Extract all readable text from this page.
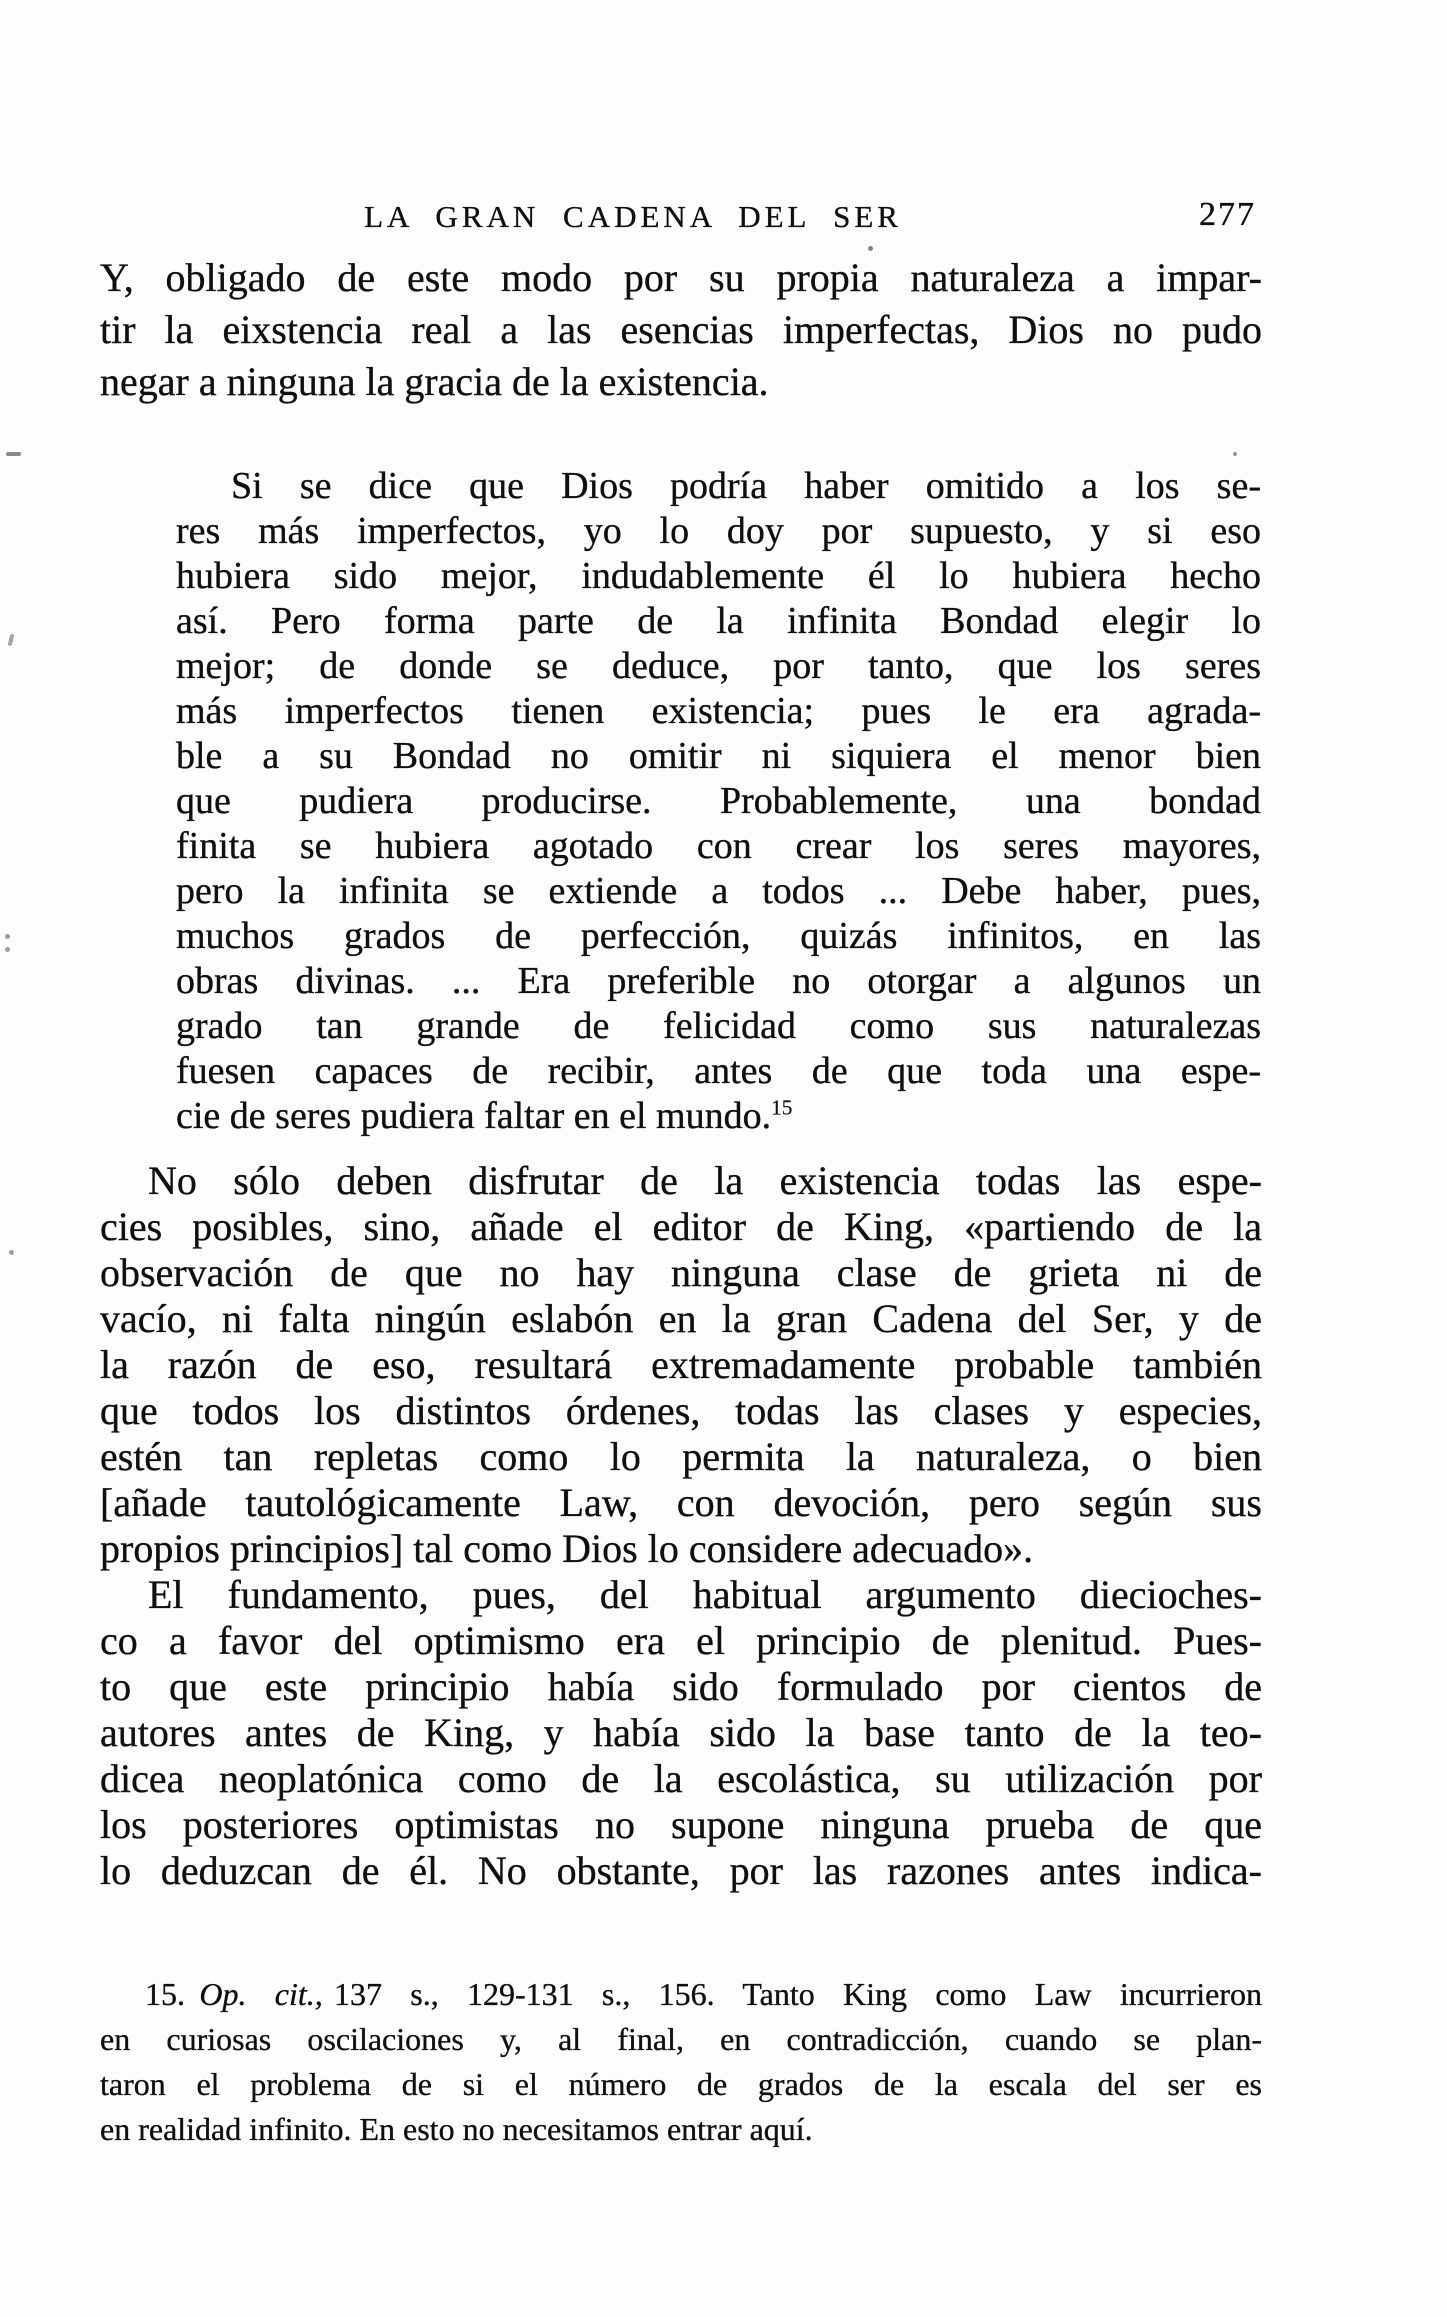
LA GRAN CADENA DEL SER	277
Y, obligado de este modo por su propia naturaleza a impar-
tir la eixstencia real a las esencias imperfectas, Dios no pudo
negar a ninguna la gracia de la existencia.
Si se dice que Dios podría haber omitido a los se-
res más imperfectos, yo lo doy por supuesto, y si eso
hubiera sido mejor, indudablemente él lo hubiera hecho
así. Pero forma parte de la infinita Bondad elegir lo
mejor; de donde se deduce, por tanto, que los seres
más imperfectos tienen existencia; pues le era agrada-
ble a su Bondad no omitir ni siquiera el menor bien
que pudiera producirse. Probablemente, una bondad
finita se hubiera agotado con crear los seres mayores,
pero la infinita se extiende a todos ... Debe haber, pues,
muchos grados de perfección, quizás infinitos, en las
obras divinas. ... Era preferible no otorgar a algunos un
grado tan grande de felicidad como sus naturalezas
fuesen capaces de recibir, antes de que toda una espe-
cie de seres pudiera faltar en el mundo.$^{15}$
No sólo deben disfrutar de la existencia todas las espe-
cies posibles, sino, añade el editor de King, «partiendo de la
observación de que no hay ninguna clase de grieta ni de
vacío, ni falta ningún eslabón en la gran Cadena del Ser, y de
la razón de eso, resultará extremadamente probable también
que todos los distintos órdenes, todas las clases y especies,
estén tan repletas como lo permita la naturaleza, o bien
[añade tautológicamente Law, con devoción, pero según sus
propios principios] tal como Dios lo considere adecuado».
El fundamento, pues, del habitual argumento diecioches-
co a favor del optimismo era el principio de plenitud. Pues-
to que este principio había sido formulado por cientos de
autores antes de King, y había sido la base tanto de la teo-
dicea neoplatónica como de la escolástica, su utilización por
los posteriores optimistas no supone ninguna prueba de que
lo deduzcan de él. No obstante, por las razones antes indica-
15. Op. cit., 137 s., 129-131 s., 156. Tanto King como Law incurrieron
en curiosas oscilaciones y, al final, en contradicción, cuando se plan-
taron el problema de si el número de grados de la escala del ser es
en realidad infinito. En esto no necesitamos entrar aquí.
